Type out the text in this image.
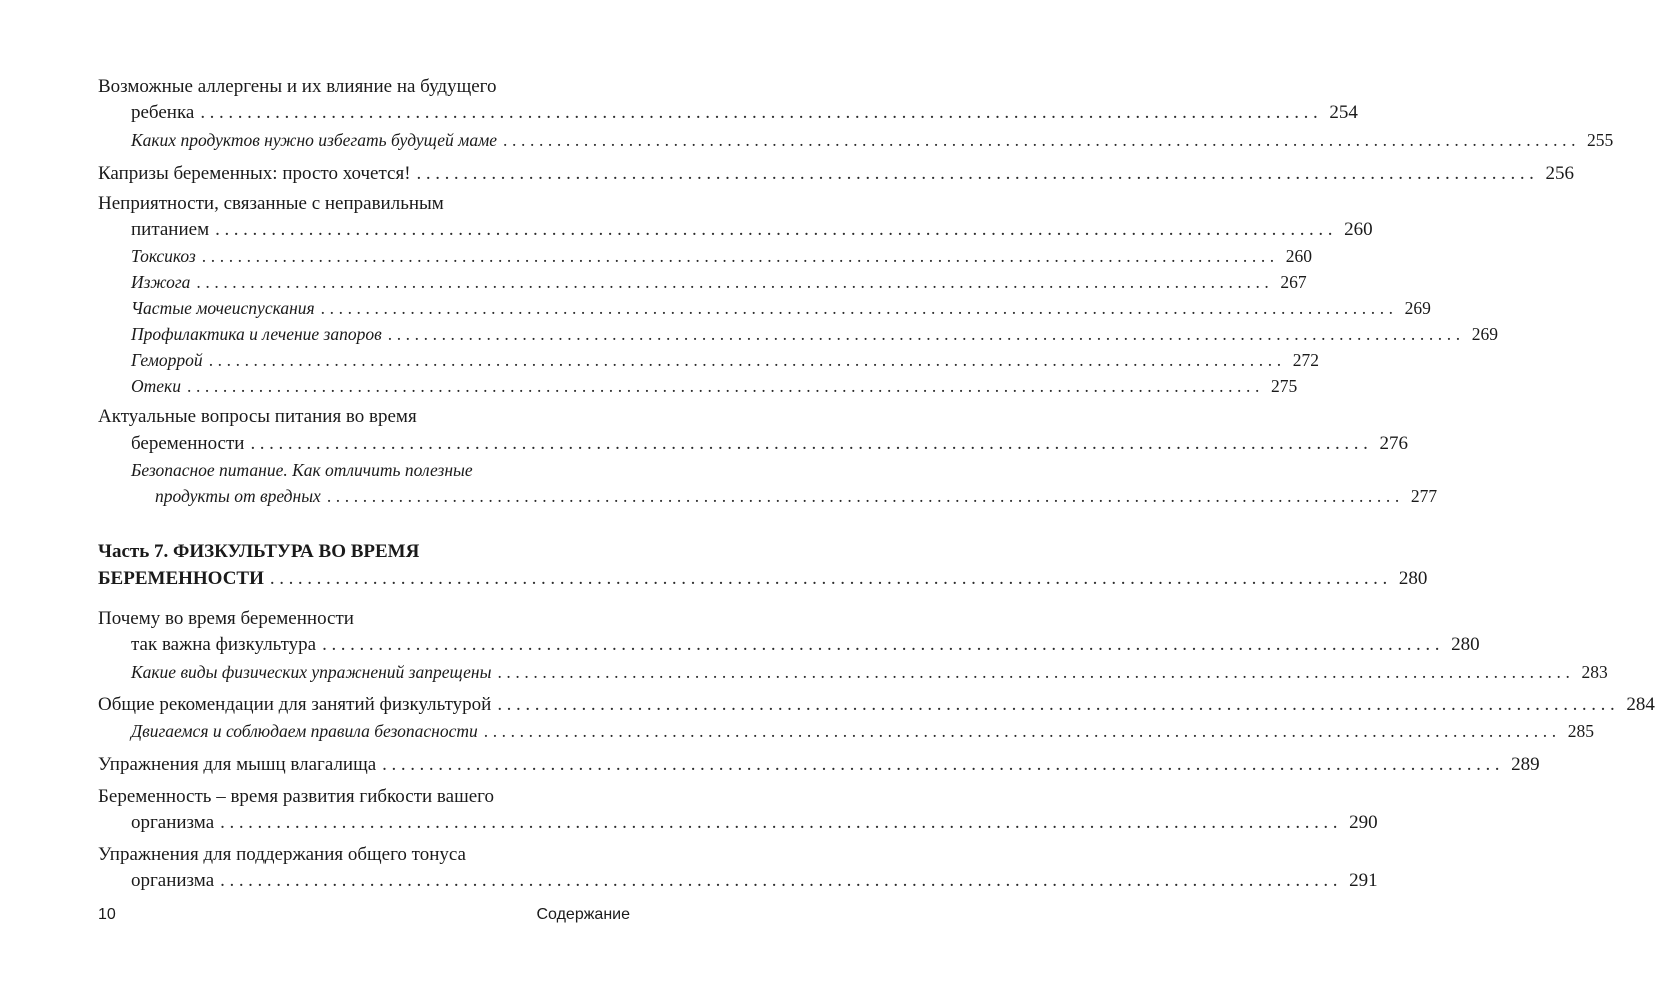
Возможные аллергены и их влияние на будущего
ребенка ........................................................................................................................ 254
Каких продуктов нужно избегать будущей маме ........................................................................................................................ 255
Капризы беременных: просто хочется! ........................................................................................................................ 256
Неприятности, связанные с неправильным
питанием ........................................................................................................................ 260
Токсикоз ........................................................................................................................ 260
Изжога ........................................................................................................................ 267
Частые мочеиспускания ........................................................................................................................ 269
Профилактика и лечение запоров ........................................................................................................................ 269
Геморрой ........................................................................................................................ 272
Отеки ........................................................................................................................ 275
Актуальные вопросы питания во время
беременности ........................................................................................................................ 276
Безопасное питание. Как отличить полезные
продукты от вредных ........................................................................................................................ 277
Часть 7. ФИЗКУЛЬТУРА ВО ВРЕМЯ
БЕРЕМЕННОСТИ ........................................................................................................................ 280
Почему во время беременности
так важна физкультура ........................................................................................................................ 280
Какие виды физических упражнений запрещены ........................................................................................................................ 283
Общие рекомендации для занятий физкультурой ........................................................................................................................ 284
Двигаемся и соблюдаем правила безопасности ........................................................................................................................ 285
Упражнения для мышц влагалища ........................................................................................................................ 289
Беременность – время развития гибкости вашего
организма ........................................................................................................................ 290
Упражнения для поддержания общего тонуса
организма ........................................................................................................................ 291
10	Содержание
